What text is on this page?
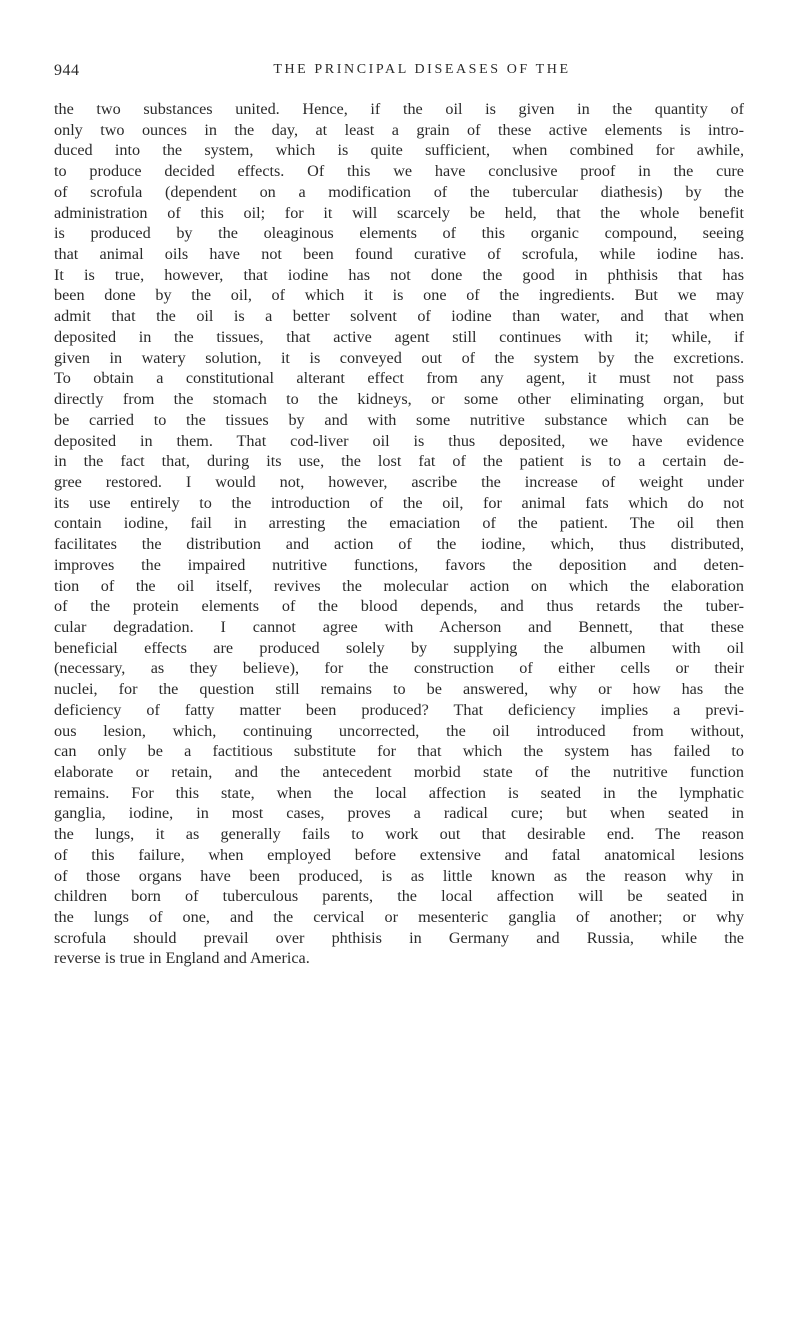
944	THE PRINCIPAL DISEASES OF THE
the two substances united. Hence, if the oil is given in the quantity of
only two ounces in the day, at least a grain of these active elements is intro-
duced into the system, which is quite sufficient, when combined for awhile,
to produce decided effects. Of this we have conclusive proof in the cure
of scrofula (dependent on a modification of the tubercular diathesis) by the
administration of this oil; for it will scarcely be held, that the whole benefit
is produced by the oleaginous elements of this organic compound, seeing
that animal oils have not been found curative of scrofula, while iodine has.
It is true, however, that iodine has not done the good in phthisis that has
been done by the oil, of which it is one of the ingredients. But we may
admit that the oil is a better solvent of iodine than water, and that when
deposited in the tissues, that active agent still continues with it; while, if
given in watery solution, it is conveyed out of the system by the excretions.
To obtain a constitutional alterant effect from any agent, it must not pass
directly from the stomach to the kidneys, or some other eliminating organ, but
be carried to the tissues by and with some nutritive substance which can be
deposited in them. That cod-liver oil is thus deposited, we have evidence
in the fact that, during its use, the lost fat of the patient is to a certain de-
gree restored. I would not, however, ascribe the increase of weight under
its use entirely to the introduction of the oil, for animal fats which do not
contain iodine, fail in arresting the emaciation of the patient. The oil then
facilitates the distribution and action of the iodine, which, thus distributed,
improves the impaired nutritive functions, favors the deposition and deten-
tion of the oil itself, revives the molecular action on which the elaboration
of the protein elements of the blood depends, and thus retards the tuber-
cular degradation. I cannot agree with Acherson and Bennett, that these
beneficial effects are produced solely by supplying the albumen with oil
(necessary, as they believe), for the construction of either cells or their
nuclei, for the question still remains to be answered, why or how has the
deficiency of fatty matter been produced? That deficiency implies a previ-
ous lesion, which, continuing uncorrected, the oil introduced from without,
can only be a factitious substitute for that which the system has failed to
elaborate or retain, and the antecedent morbid state of the nutritive function
remains. For this state, when the local affection is seated in the lymphatic
ganglia, iodine, in most cases, proves a radical cure; but when seated in
the lungs, it as generally fails to work out that desirable end. The reason
of this failure, when employed before extensive and fatal anatomical lesions
of those organs have been produced, is as little known as the reason why in
children born of tuberculous parents, the local affection will be seated in
the lungs of one, and the cervical or mesenteric ganglia of another; or why
scrofula should prevail over phthisis in Germany and Russia, while the
reverse is true in England and America.
